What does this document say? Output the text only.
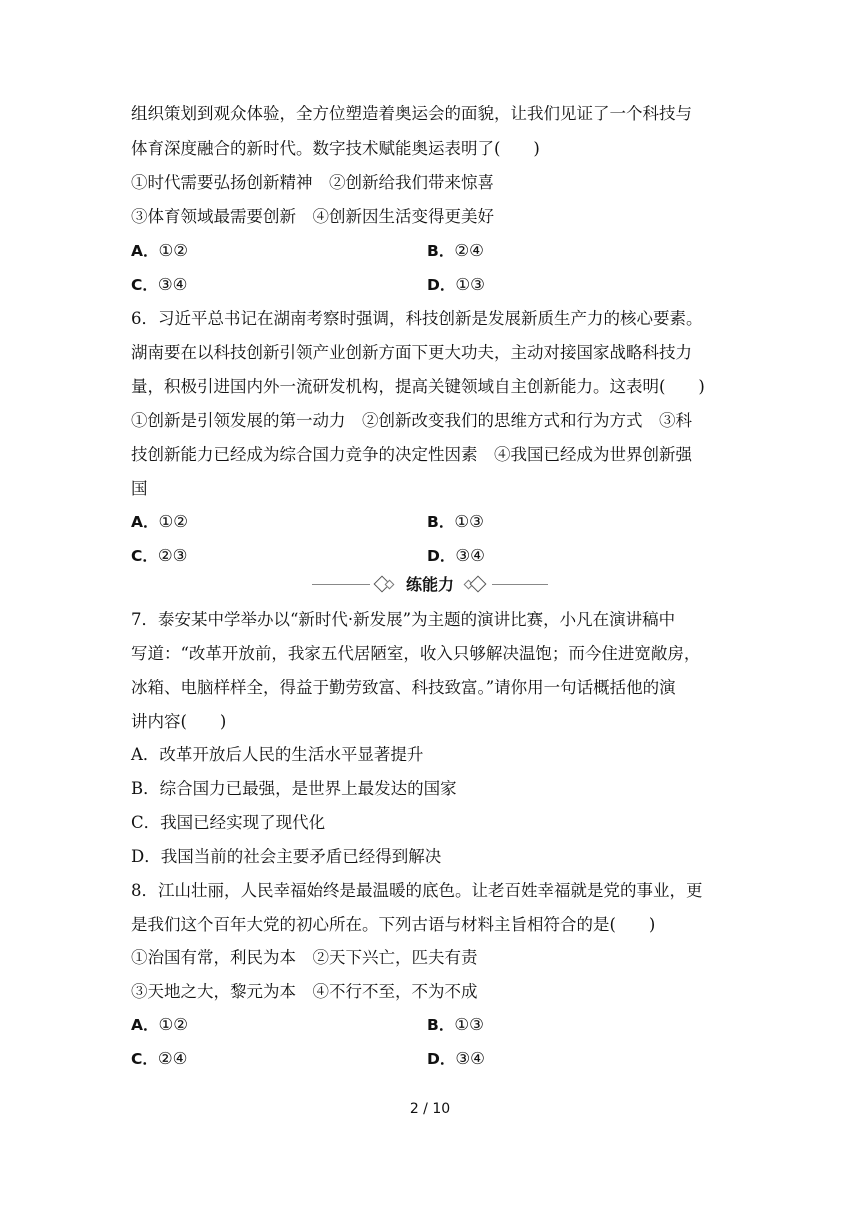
组织策划到观众体验，全方位塑造着奥运会的面貌，让我们见证了一个科技与
体育深度融合的新时代。数字技术赋能奥运表明了(　　)
①时代需要弘扬创新精神　②创新给我们带来惊喜
③体育领域最需要创新　④创新因生活变得更美好
A．①②	B．②④
C．③④	D．①③
6．习近平总书记在湖南考察时强调，科技创新是发展新质生产力的核心要素。
湖南要在以科技创新引领产业创新方面下更大功夫，主动对接国家战略科技力
量，积极引进国内外一流研发机构，提高关键领域自主创新能力。这表明(　　)
①创新是引领发展的第一动力　②创新改变我们的思维方式和行为方式　③科
技创新能力已经成为综合国力竞争的决定性因素　④我国已经成为世界创新强
国
A．①②	B．①③
C．②③	D．③④
练能力
7．泰安某中学举办以“新时代·新发展”为主题的演讲比赛，小凡在演讲稿中
写道：“改革开放前，我家五代居陋室，收入只够解决温饱；而今住进宽敞房，
冰箱、电脑样样全，得益于勤劳致富、科技致富。”请你用一句话概括他的演
讲内容(　　)
A．改革开放后人民的生活水平显著提升
B．综合国力已最强，是世界上最发达的国家
C．我国已经实现了现代化
D．我国当前的社会主要矛盾已经得到解决
8．江山壮丽，人民幸福始终是最温暖的底色。让老百姓幸福就是党的事业，更
是我们这个百年大党的初心所在。下列古语与材料主旨相符合的是(　　)
①治国有常，利民为本　②天下兴亡，匹夫有责
③天地之大，黎元为本　④不行不至，不为不成
A．①②	B．①③
C．②④	D．③④
2 / 10
